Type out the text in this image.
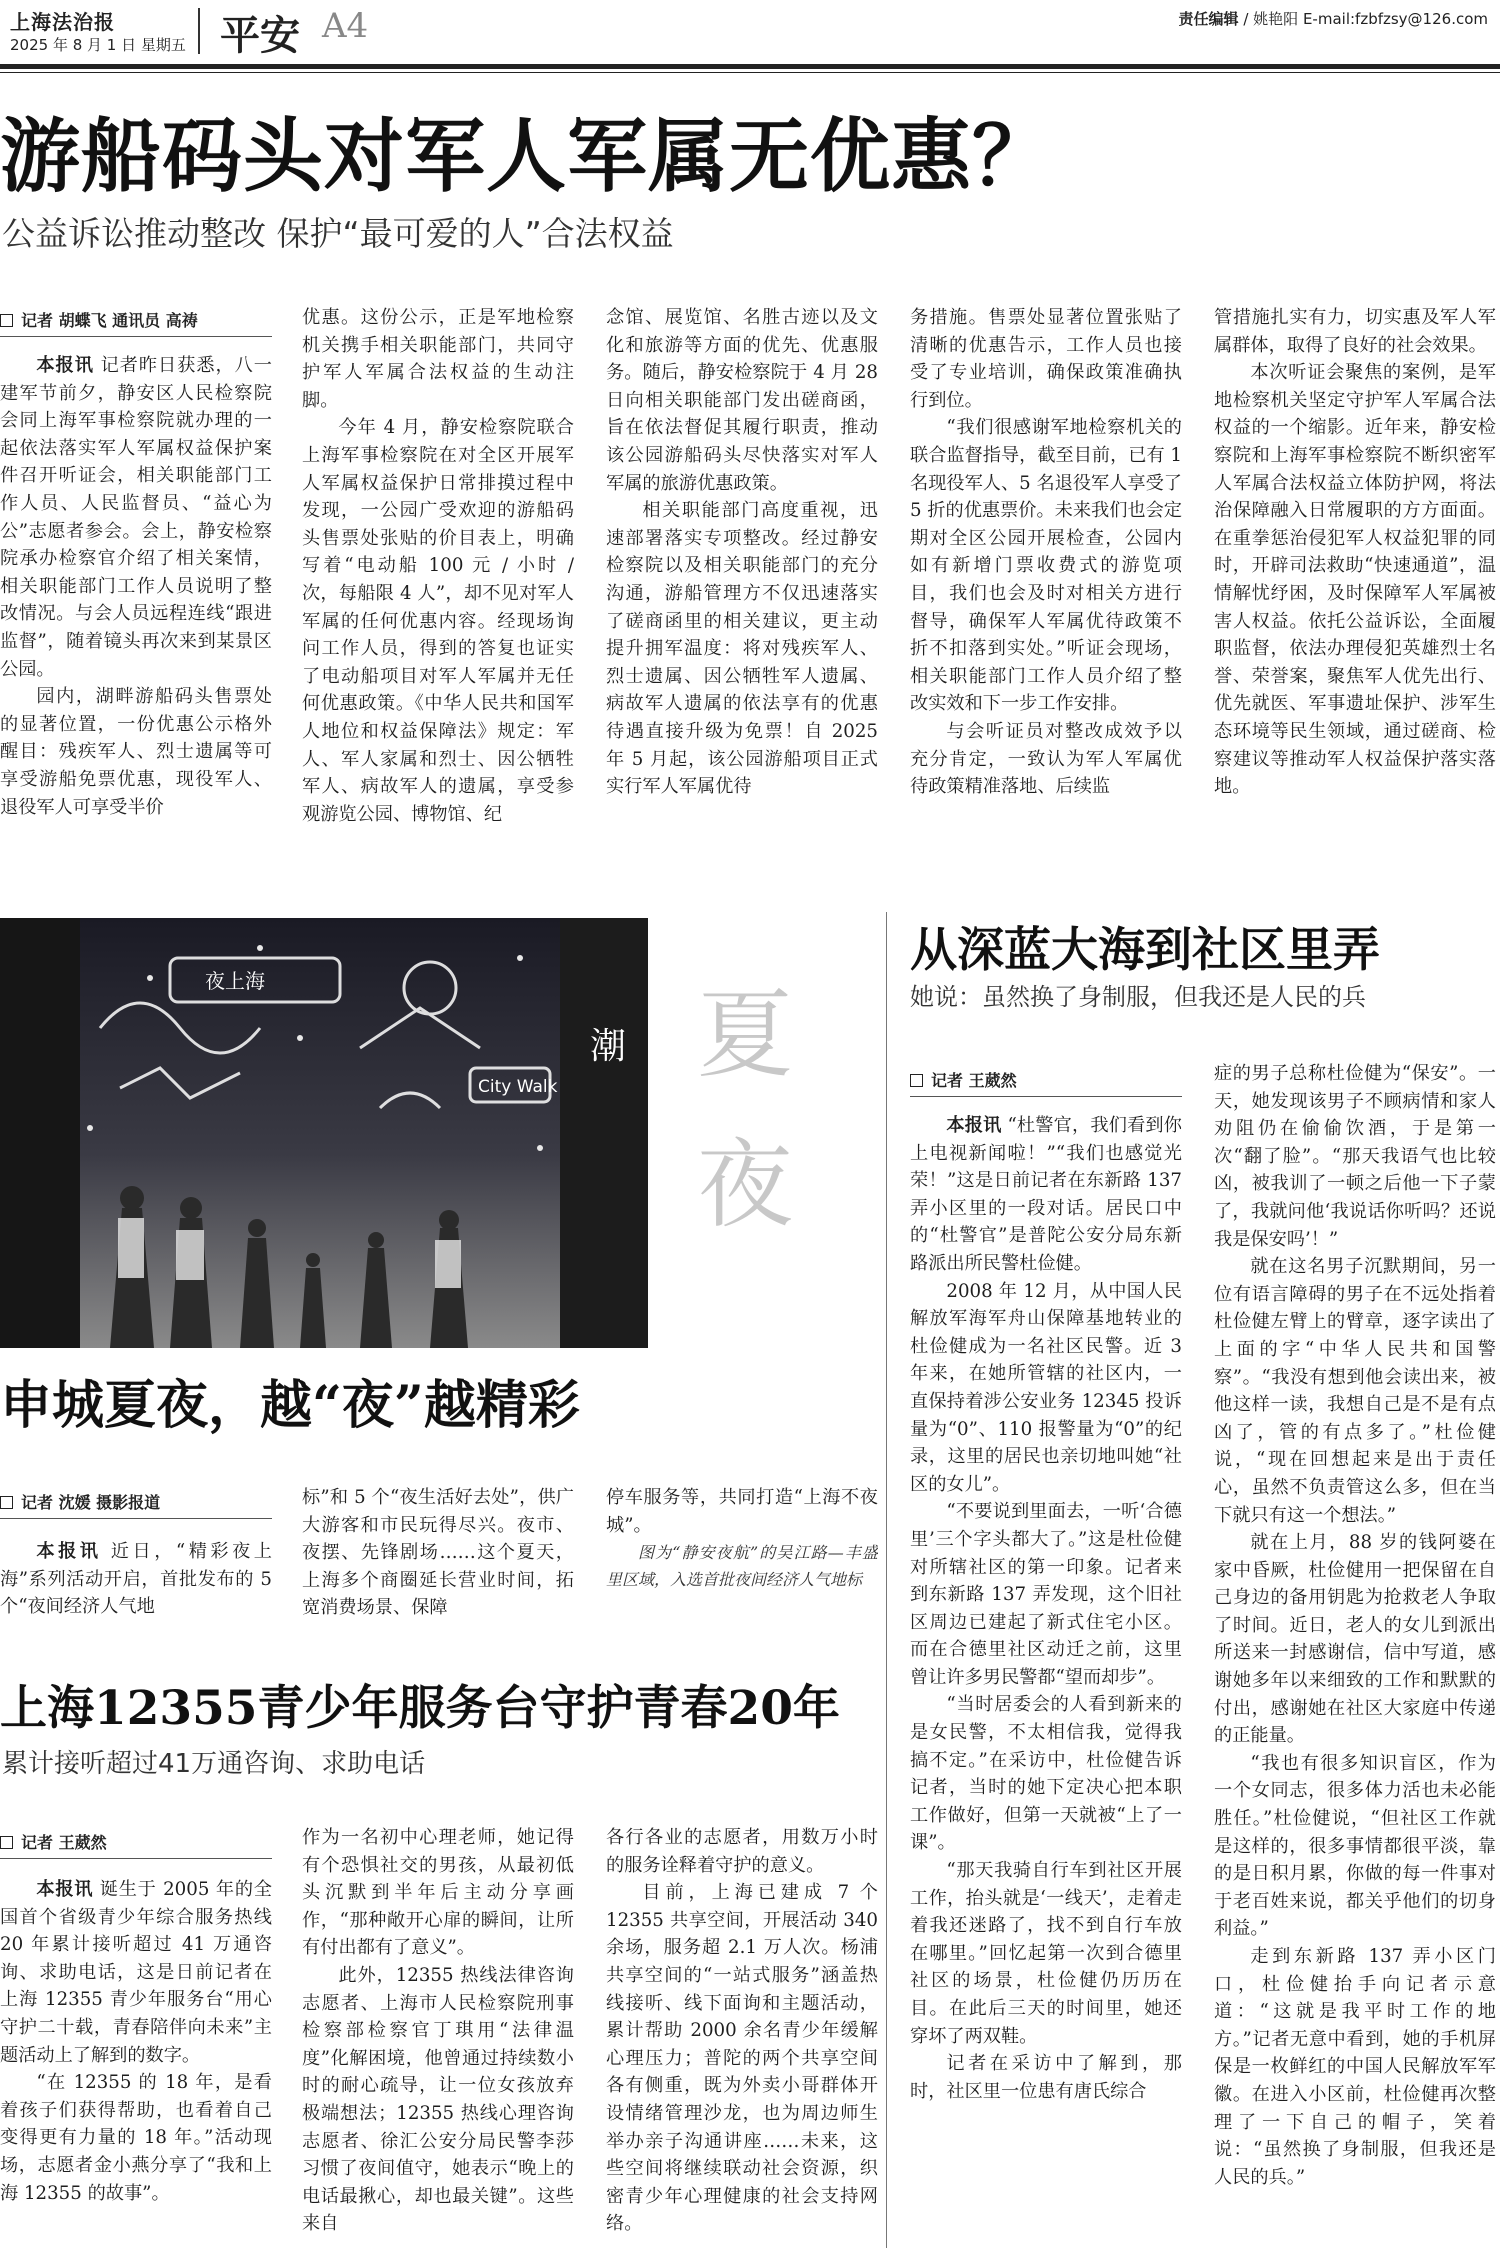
上海法治报
2025 年 8 月 1 日 星期五 平安 A4	责任编辑 / 姚艳阳 E-mail:fzbfzsy@126.com
游船码头对军人军属无优惠？
公益诉讼推动整改 保护“最可爱的人”合法权益
记者 胡蝶飞 通讯员 高祷

本报讯 记者昨日获悉，八一建军节前夕，静安区人民检察院会同上海军事检察院就办理的一起依法落实军人军属权益保护案件召开听证会，相关职能部门工作人员、人民监督员、“益心为公”志愿者参会。会上，静安检察院承办检察官介绍了相关案情，相关职能部门工作人员说明了整改情况。与会人员远程连线“跟进监督”，随着镜头再次来到某景区公园。

园内，湖畔游船码头售票处的显著位置，一份优惠公示格外醒目：残疾军人、烈士遗属等可享受游船免票优惠，现役军人、退役军人可享受半价

优惠。这份公示，正是军地检察机关携手相关职能部门，共同守护军人军属合法权益的生动注脚。

今年 4 月，静安检察院联合上海军事检察院在对全区开展军人军属权益保护日常排摸过程中发现，一公园广受欢迎的游船码头售票处张贴的价目表上，明确写着“电动船 100 元 / 小时 / 次，每船限 4 人”，却不见对军人军属的任何优惠内容。经现场询问工作人员，得到的答复也证实了电动船项目对军人军属并无任何优惠政策。《中华人民共和国军人地位和权益保障法》规定：军人、军人家属和烈士、因公牺牲军人、病故军人的遗属，享受参观游览公园、博物馆、纪

念馆、展览馆、名胜古迹以及文化和旅游等方面的优先、优惠服务。随后，静安检察院于 4 月 28 日向相关职能部门发出磋商函，旨在依法督促其履行职责，推动该公园游船码头尽快落实对军人军属的旅游优惠政策。

相关职能部门高度重视，迅速部署落实专项整改。经过静安检察院以及相关职能部门的充分沟通，游船管理方不仅迅速落实了磋商函里的相关建议，更主动提升拥军温度：将对残疾军人、烈士遗属、因公牺牲军人遗属、病故军人遗属的依法享有的优惠待遇直接升级为免票！自 2025 年 5 月起，该公园游船项目正式实行军人军属优待

务措施。售票处显著位置张贴了清晰的优惠告示，工作人员也接受了专业培训，确保政策准确执行到位。

“我们很感谢军地检察机关的联合监督指导，截至目前，已有 1 名现役军人、5 名退役军人享受了 5 折的优惠票价。未来我们也会定期对全区公园开展检查，公园内如有新增门票收费式的游览项目，我们也会及时对相关方进行督导，确保军人军属优待政策不折不扣落到实处。”听证会现场，相关职能部门工作人员介绍了整改实效和下一步工作安排。

与会听证员对整改成效予以充分肯定，一致认为军人军属优待政策精准落地、后续监

管措施扎实有力，切实惠及军人军属群体，取得了良好的社会效果。

本次听证会聚焦的案例，是军地检察机关坚定守护军人军属合法权益的一个缩影。近年来，静安检察院和上海军事检察院不断织密军人军属合法权益立体防护网，将法治保障融入日常履职的方方面面。在重拳惩治侵犯军人权益犯罪的同时，开辟司法救助“快速通道”，温情解忧纾困，及时保障军人军属被害人权益。依托公益诉讼，全面履职监督，依法办理侵犯英雄烈士名誉、荣誉案，聚焦军人优先出行、优先就医、军事遗址保护、涉军生态环境等民生领域，通过磋商、检察建议等推动军人权益保护落实落地。

夜上海
City Walk
潮 夏夜
申城夏夜，越“夜”越精彩
记者 沈媛 摄影报道

本报讯 近日，“精彩夜上海”系列活动开启，首批发布的 5 个“夜间经济人气地

标”和 5 个“夜生活好去处”，供广大游客和市民玩得尽兴。夜市、夜摆、先锋剧场……这个夏天，上海多个商圈延长营业时间，拓宽消费场景、保障

停车服务等，共同打造“上海不夜城”。

图为“静安夜航”的吴江路—丰盛里区域，入选首批夜间经济人气地标

上海12355青少年服务台守护青春20年
累计接听超过41万通咨询、求助电话
记者 王葳然

本报讯 诞生于 2005 年的全国首个省级青少年综合服务热线 20 年累计接听超过 41 万通咨询、求助电话，这是日前记者在上海 12355 青少年服务台“用心守护二十载，青春陪伴向未来”主题活动上了解到的数字。

“在 12355 的 18 年，是看着孩子们获得帮助，也看着自己变得更有力量的 18 年。”活动现场，志愿者金小燕分享了“我和上海 12355 的故事”。

作为一名初中心理老师，她记得有个恐惧社交的男孩，从最初低头沉默到半年后主动分享画作，“那种敞开心扉的瞬间，让所有付出都有了意义”。

此外，12355 热线法律咨询志愿者、上海市人民检察院刑事检察部检察官丁琪用“法律温度”化解困境，他曾通过持续数小时的耐心疏导，让一位女孩放弃极端想法；12355 热线心理咨询志愿者、徐汇公安分局民警李莎习惯了夜间值守，她表示“晚上的电话最揪心，却也最关键”。这些来自

各行各业的志愿者，用数万小时的服务诠释着守护的意义。

目前，上海已建成 7 个 12355 共享空间，开展活动 340 余场，服务超 2.1 万人次。杨浦共享空间的“一站式服务”涵盖热线接听、线下面询和主题活动，累计帮助 2000 余名青少年缓解心理压力；普陀的两个共享空间各有侧重，既为外卖小哥群体开设情绪管理沙龙，也为周边师生举办亲子沟通讲座……未来，这些空间将继续联动社会资源，织密青少年心理健康的社会支持网络。

从深蓝大海到社区里弄
她说：虽然换了身制服，但我还是人民的兵
记者 王葳然

本报讯 “杜警官，我们看到你上电视新闻啦！”“我们也感觉光荣！”这是日前记者在东新路 137 弄小区里的一段对话。居民口中的“杜警官”是普陀公安分局东新路派出所民警杜俭健。

2008 年 12 月，从中国人民解放军海军舟山保障基地转业的杜俭健成为一名社区民警。近 3 年来，在她所管辖的社区内，一直保持着涉公安业务 12345 投诉量为“0”、110 报警量为“0”的纪录，这里的居民也亲切地叫她“社区的女儿”。

“不要说到里面去，一听‘合德里’三个字头都大了。”这是杜俭健对所辖社区的第一印象。记者来到东新路 137 弄发现，这个旧社区周边已建起了新式住宅小区。而在合德里社区动迁之前，这里曾让许多男民警都“望而却步”。

“当时居委会的人看到新来的是女民警，不太相信我，觉得我搞不定。”在采访中，杜俭健告诉记者，当时的她下定决心把本职工作做好，但第一天就被“上了一课”。

“那天我骑自行车到社区开展工作，抬头就是‘一线天’，走着走着我还迷路了，找不到自行车放在哪里。”回忆起第一次到合德里社区的场景，杜俭健仍历历在目。在此后三天的时间里，她还穿坏了两双鞋。

记者在采访中了解到，那时，社区里一位患有唐氏综合

症的男子总称杜俭健为“保安”。一天，她发现该男子不顾病情和家人劝阻仍在偷偷饮酒，于是第一次“翻了脸”。“那天我语气也比较凶，被我训了一顿之后他一下子蒙了，我就问他‘我说话你听吗？还说我是保安吗’！”

就在这名男子沉默期间，另一位有语言障碍的男子在不远处指着杜俭健左臂上的臂章，逐字读出了上面的字“中华人民共和国警察”。“我没有想到他会读出来，被他这样一读，我想自己是不是有点凶了，管的有点多了。”杜俭健说，“现在回想起来是出于责任心，虽然不负责管这么多，但在当下就只有这一个想法。”

就在上月，88 岁的钱阿婆在家中昏厥，杜俭健用一把保留在自己身边的备用钥匙为抢救老人争取了时间。近日，老人的女儿到派出所送来一封感谢信，信中写道，感谢她多年以来细致的工作和默默的付出，感谢她在社区大家庭中传递的正能量。

“我也有很多知识盲区，作为一个女同志，很多体力活也未必能胜任。”杜俭健说，“但社区工作就是这样的，很多事情都很平淡，靠的是日积月累，你做的每一件事对于老百姓来说，都关乎他们的切身利益。”

走到东新路 137 弄小区门口，杜俭健抬手向记者示意道：“这就是我平时工作的地方。”记者无意中看到，她的手机屏保是一枚鲜红的中国人民解放军军徽。在进入小区前，杜俭健再次整理了一下自己的帽子，笑着说：“虽然换了身制服，但我还是人民的兵。”
